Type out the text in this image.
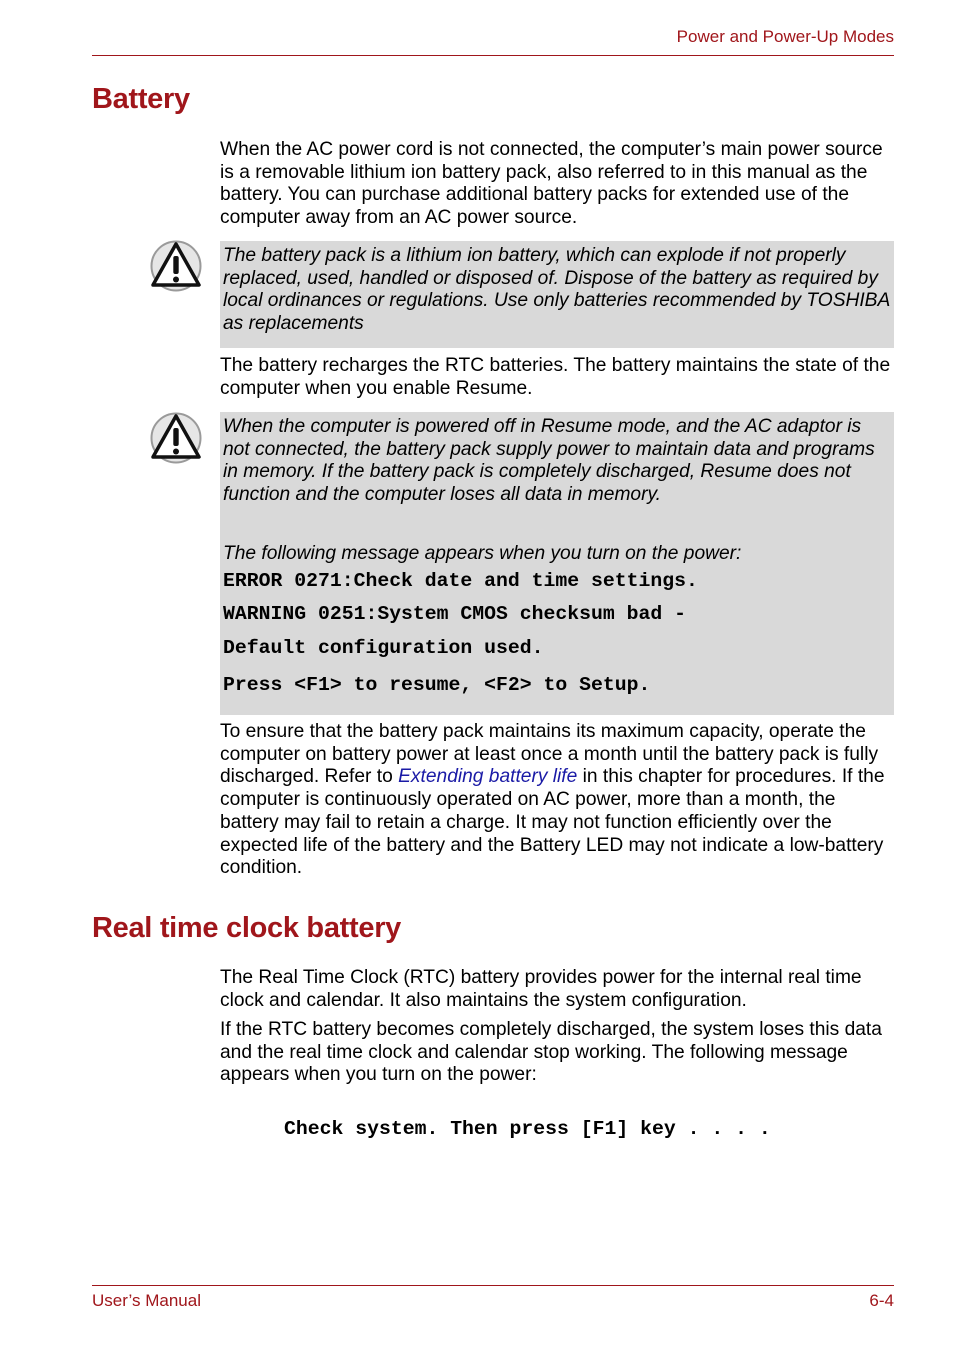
Power and Power-Up Modes
Battery

When the AC power cord is not connected, the computer’s main power source is a removable lithium ion battery pack, also referred to in this manual as the battery. You can purchase additional battery packs for extended use of the computer away from an AC power source.

The battery pack is a lithium ion battery, which can explode if not properly replaced, used, handled or disposed of. Dispose of the battery as required by local ordinances or regulations. Use only batteries recommended by TOSHIBA as replacements

The battery recharges the RTC batteries. The battery maintains the state of the computer when you enable Resume.

When the computer is powered off in Resume mode, and the AC adaptor is not connected, the battery pack supply power to maintain data and programs in memory. If the battery pack is completely discharged, Resume does not function and the computer loses all data in memory.

The following message appears when you turn on the power:

ERROR 0271:Check date and time settings.

WARNING 0251:System CMOS checksum bad -

Default configuration used.

Press <F1> to resume, <F2> to Setup.

To ensure that the battery pack maintains its maximum capacity, operate the computer on battery power at least once a month until the battery pack is fully discharged. Refer to Extending battery life in this chapter for procedures. If the computer is continuously operated on AC power, more than a month, the battery may fail to retain a charge. It may not function efficiently over the expected life of the battery and the Battery LED may not indicate a low-battery condition.

Real time clock battery

The Real Time Clock (RTC) battery provides power for the internal real time clock and calendar. It also maintains the system configuration.

If the RTC battery becomes completely discharged, the system loses this data and the real time clock and calendar stop working. The following message appears when you turn on the power:

Check system. Then press [F1] key . . . .

User’s Manual	6-4
